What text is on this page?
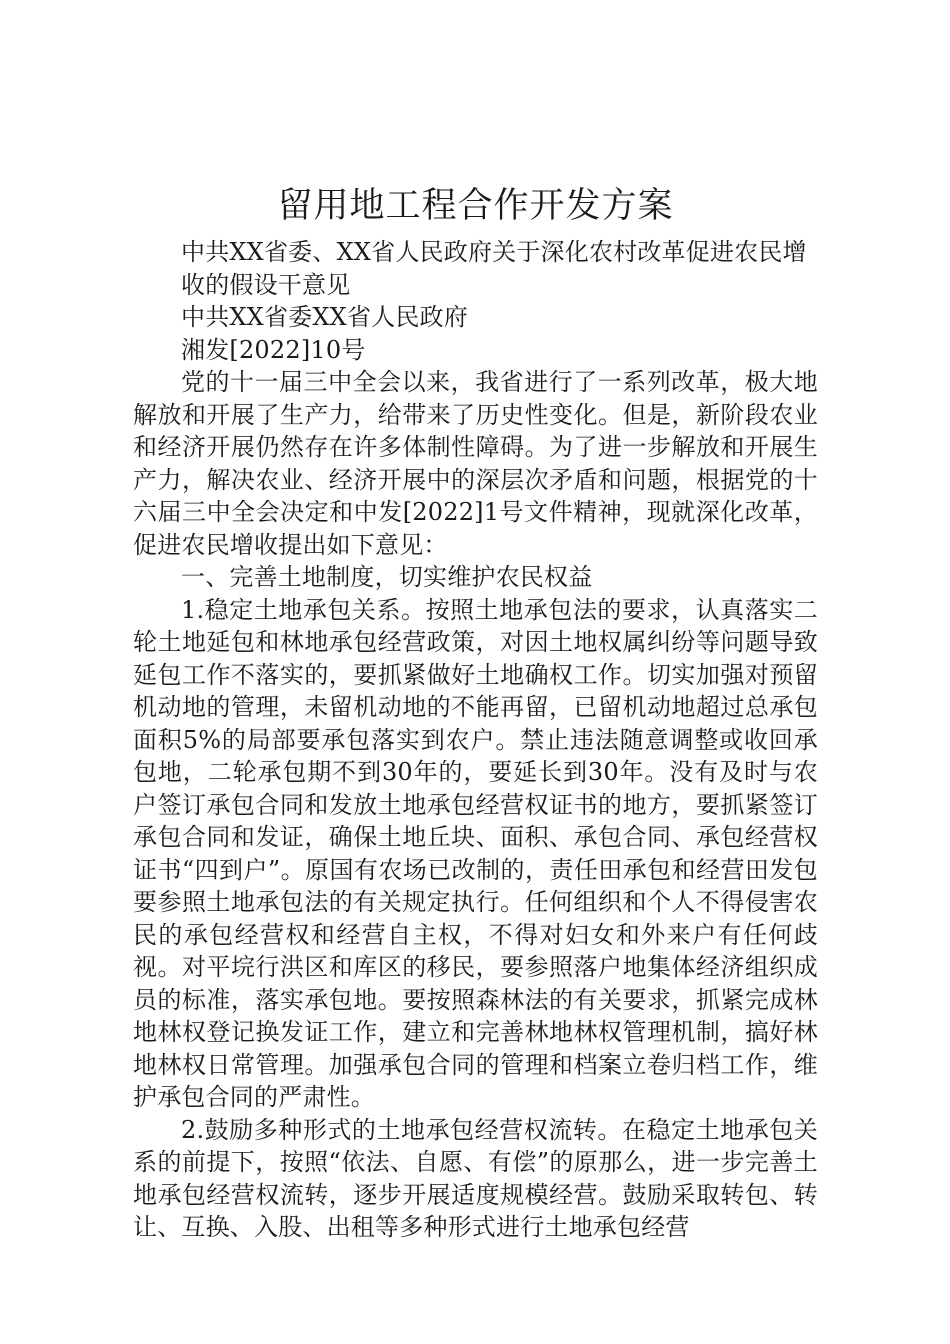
留用地工程合作开发方案

中共XX省委、XX省人民政府关于深化农村改革促进农民增收的假设干意见

中共XX省委XX省人民政府

湘发[2022]10号

党的十一届三中全会以来，我省进行了一系列改革，极大地解放和开展了生产力，给带来了历史性变化。但是，新阶段农业和经济开展仍然存在许多体制性障碍。为了进一步解放和开展生产力，解决农业、经济开展中的深层次矛盾和问题，根据党的十六届三中全会决定和中发[2022]1号文件精神，现就深化改革，促进农民增收提出如下意见：

一、完善土地制度，切实维护农民权益

1.稳定土地承包关系。按照土地承包法的要求，认真落实二轮土地延包和林地承包经营政策，对因土地权属纠纷等问题导致延包工作不落实的，要抓紧做好土地确权工作。切实加强对预留机动地的管理，未留机动地的不能再留，已留机动地超过总承包面积5%的局部要承包落实到农户。禁止违法随意调整或收回承包地，二轮承包期不到30年的，要延长到30年。没有及时与农户签订承包合同和发放土地承包经营权证书的地方，要抓紧签订承包合同和发证，确保土地丘块、面积、承包合同、承包经营权证书“四到户”。原国有农场已改制的，责任田承包和经营田发包要参照土地承包法的有关规定执行。任何组织和个人不得侵害农民的承包经营权和经营自主权，不得对妇女和外来户有任何歧视。对平垸行洪区和库区的移民，要参照落户地集体经济组织成员的标准，落实承包地。要按照森林法的有关要求，抓紧完成林地林权登记换发证工作，建立和完善林地林权管理机制，搞好林地林权日常管理。加强承包合同的管理和档案立卷归档工作，维护承包合同的严肃性。

2.鼓励多种形式的土地承包经营权流转。在稳定土地承包关系的前提下，按照“依法、自愿、有偿”的原那么，进一步完善土地承包经营权流转，逐步开展适度规模经营。鼓励采取转包、转让、互换、入股、出租等多种形式进行土地承包经营
